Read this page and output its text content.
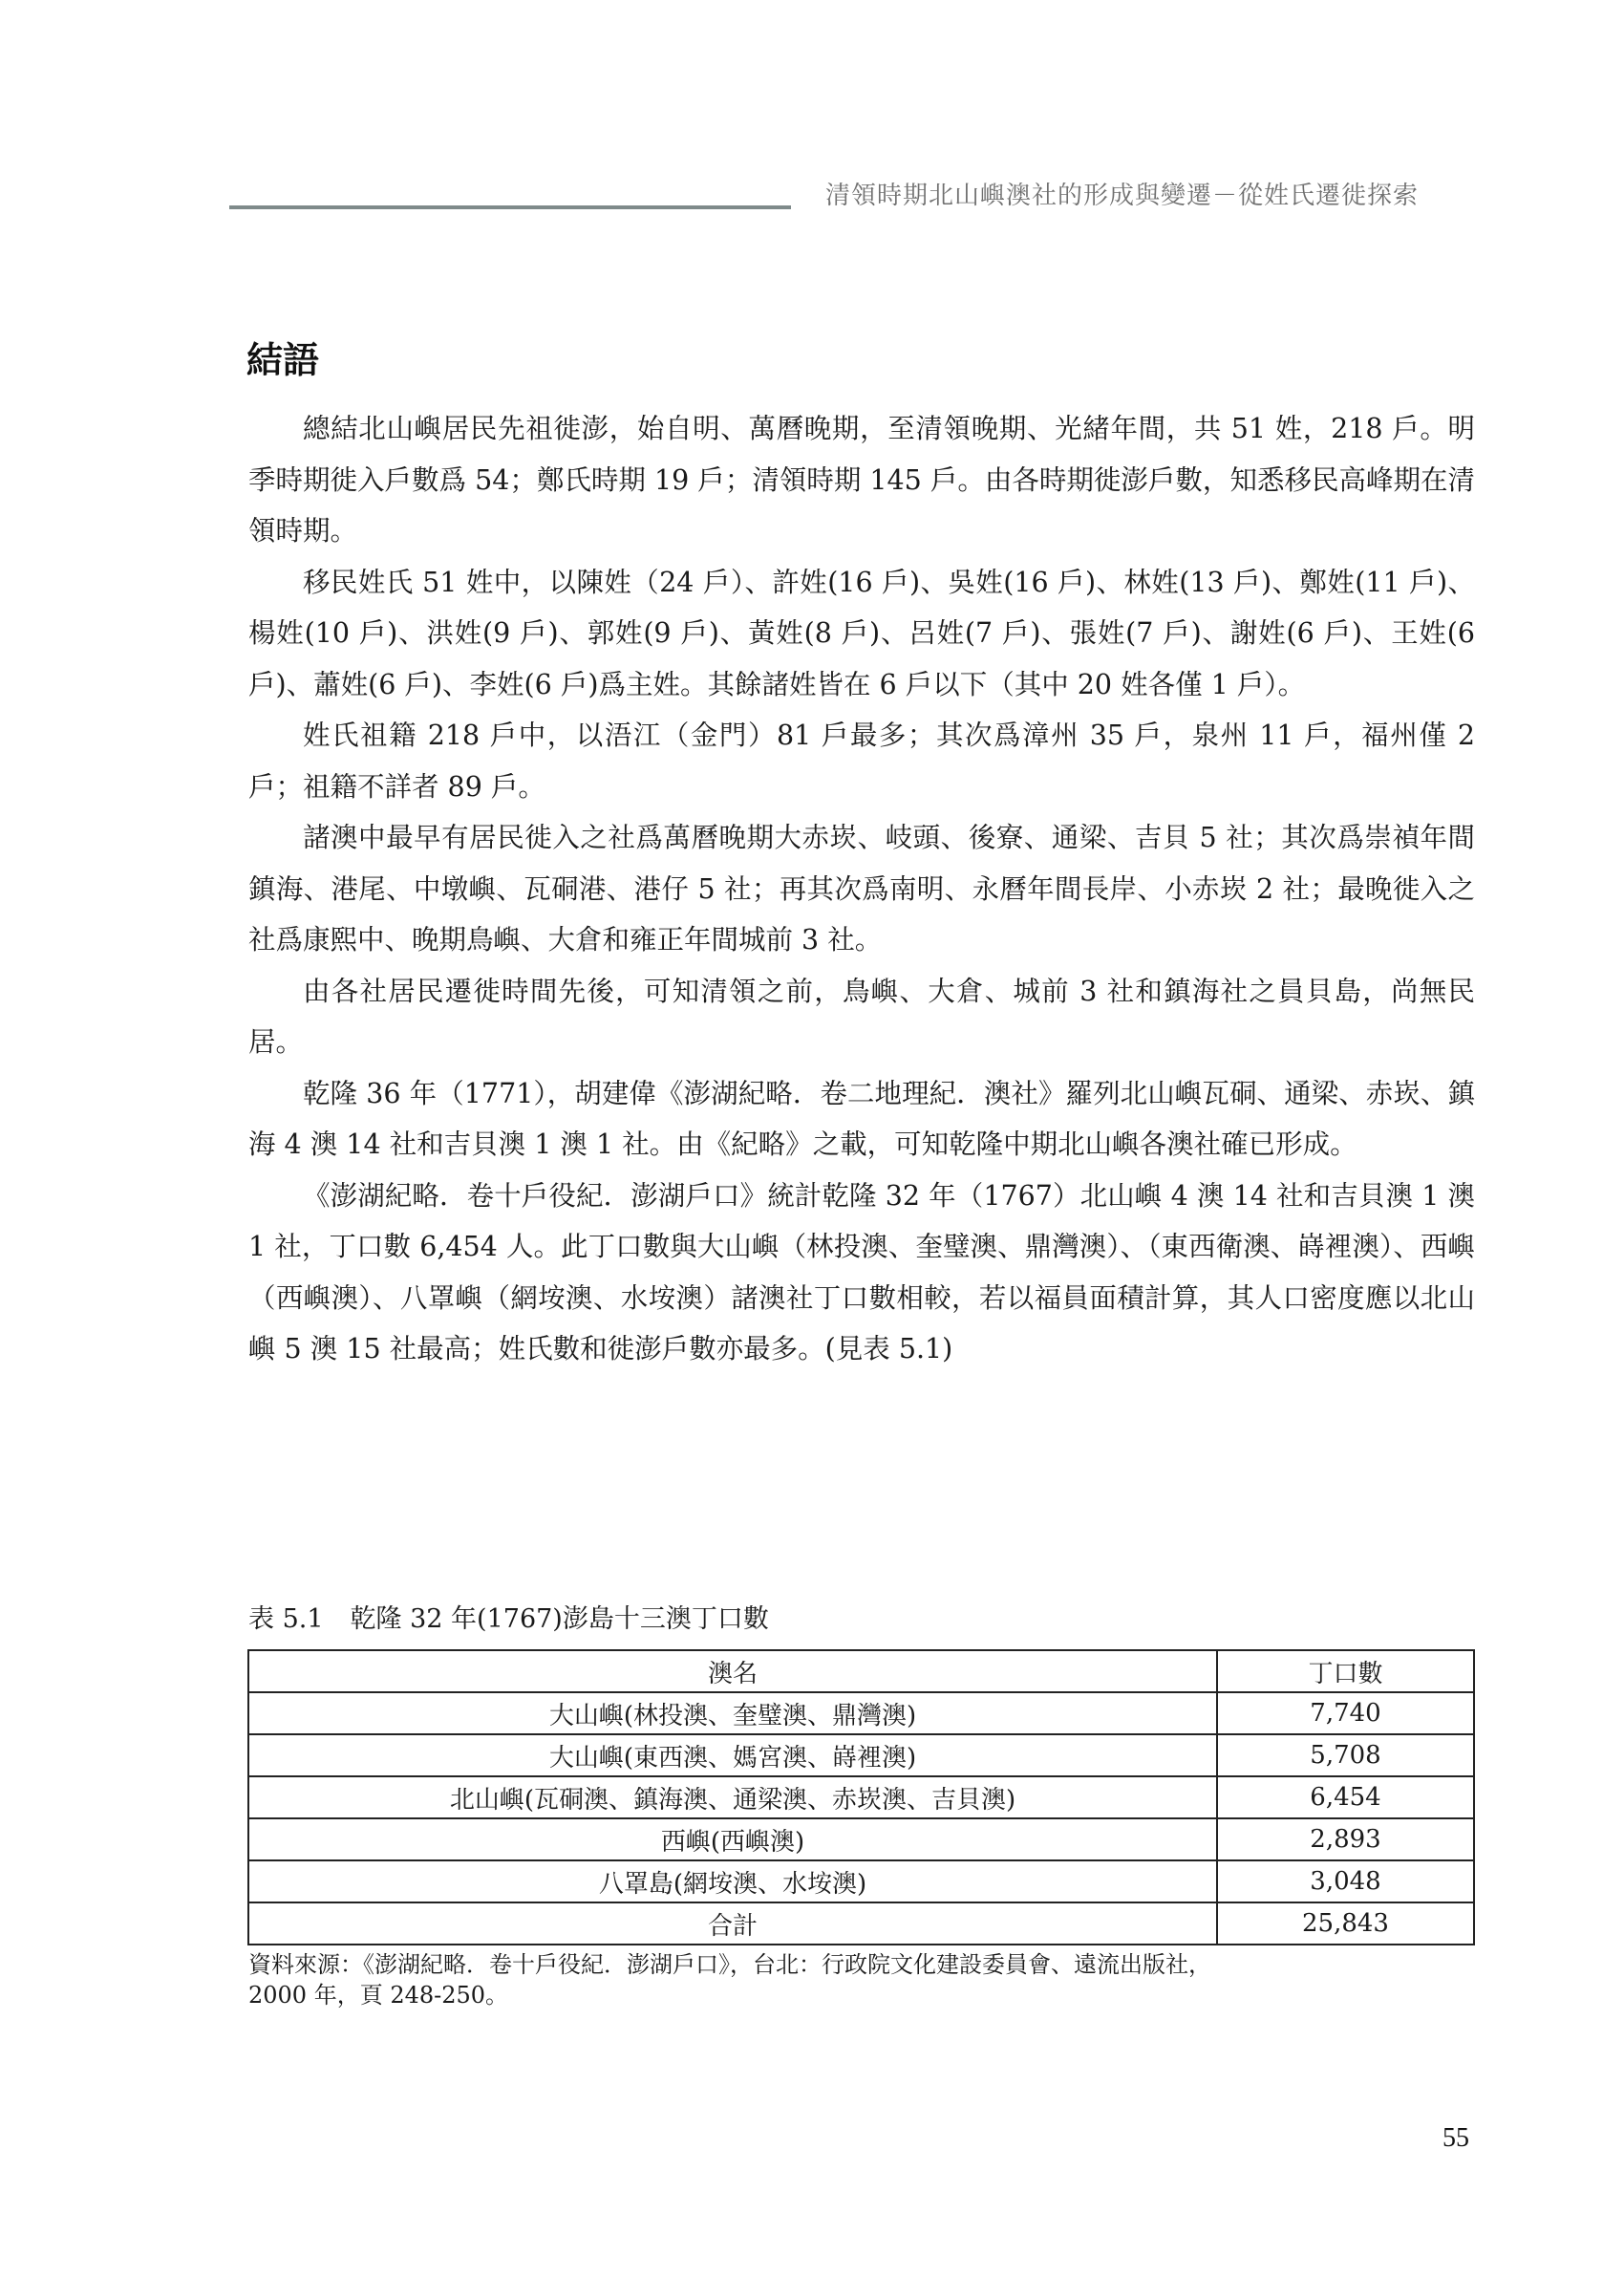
清領時期北山嶼澳社的形成與變遷－從姓氏遷徙探索
結語

總結北山嶼居民先祖徙澎，始自明、萬曆晚期，至清領晚期、光緒年間，共 51 姓，218 戶。明季時期徙入戶數爲 54；鄭氏時期 19 戶；清領時期 145 戶。由各時期徙澎戶數，知悉移民高峰期在清領時期。

移民姓氏 51 姓中，以陳姓（24 戶）、許姓(16 戶)、吳姓(16 戶)、林姓(13 戶)、鄭姓(11 戶)、楊姓(10 戶)、洪姓(9 戶)、郭姓(9 戶)、黃姓(8 戶)、呂姓(7 戶)、張姓(7 戶)、謝姓(6 戶)、王姓(6 戶)、蕭姓(6 戶)、李姓(6 戶)爲主姓。其餘諸姓皆在 6 戶以下（其中 20 姓各僅 1 戶）。

姓氏祖籍 218 戶中，以浯江（金門）81 戶最多；其次爲漳州 35 戶，泉州 11 戶，福州僅 2 戶；祖籍不詳者 89 戶。

諸澳中最早有居民徙入之社爲萬曆晚期大赤崁、岐頭、後寮、通梁、吉貝 5 社；其次爲崇禎年間鎮海、港尾、中墩嶼、瓦硐港、港仔 5 社；再其次爲南明、永曆年間長岸、小赤崁 2 社；最晚徙入之社爲康熙中、晚期鳥嶼、大倉和雍正年間城前 3 社。

由各社居民遷徙時間先後，可知清領之前，鳥嶼、大倉、城前 3 社和鎮海社之員貝島，尚無民居。

乾隆 36 年（1771），胡建偉《澎湖紀略．卷二地理紀．澳社》羅列北山嶼瓦硐、通梁、赤崁、鎮海 4 澳 14 社和吉貝澳 1 澳 1 社。由《紀略》之載，可知乾隆中期北山嶼各澳社確已形成。

《澎湖紀略．卷十戶役紀．澎湖戶口》統計乾隆 32 年（1767）北山嶼 4 澳 14 社和吉貝澳 1 澳 1 社，丁口數 6,454 人。此丁口數與大山嶼（林投澳、奎璧澳、鼎灣澳）、（東西衛澳、嵵裡澳）、西嶼（西嶼澳）、八罩嶼（網垵澳、水垵澳）諸澳社丁口數相較，若以福員面積計算，其人口密度應以北山嶼 5 澳 15 社最高；姓氏數和徙澎戶數亦最多。(見表 5.1)

表 5.1 乾隆 32 年(1767)澎島十三澳丁口數
澳名	丁口數
大山嶼(林投澳、奎璧澳、鼎灣澳)	7,740
大山嶼(東西澳、媽宮澳、嵵裡澳)	5,708
北山嶼(瓦硐澳、鎮海澳、通梁澳、赤崁澳、吉貝澳)	6,454
西嶼(西嶼澳)	2,893
八罩島(網垵澳、水垵澳)	3,048
合計	25,843
資料來源：《澎湖紀略．卷十戶役紀．澎湖戶口》，台北：行政院文化建設委員會、遠流出版社，
2000 年，頁 248-250。
55
